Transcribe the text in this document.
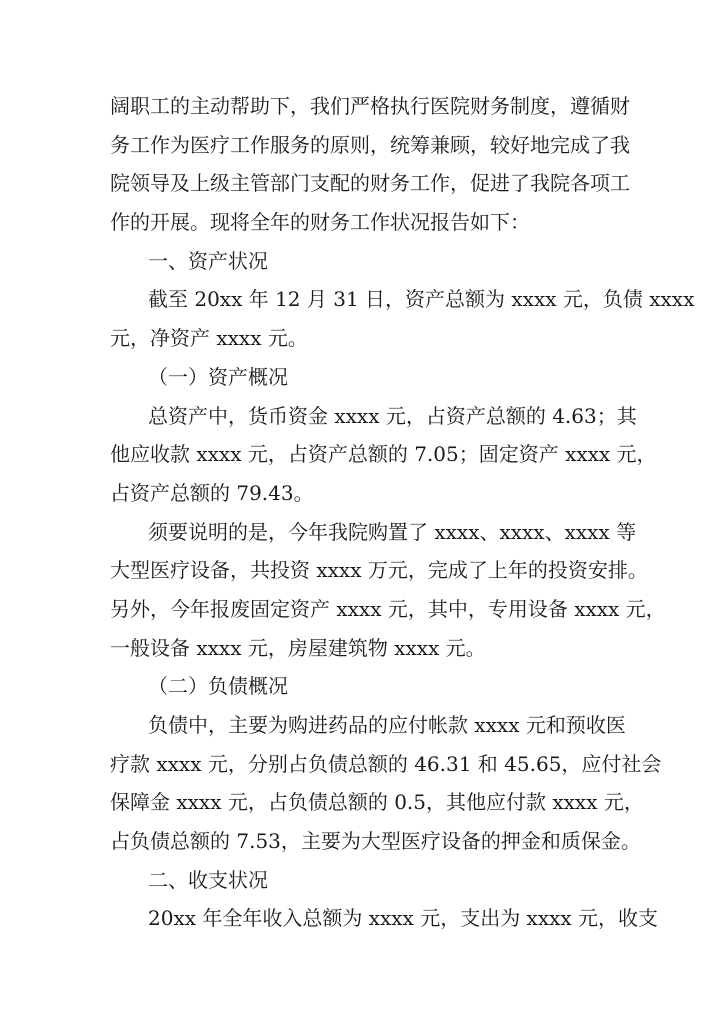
阔职工的主动帮助下，我们严格执行医院财务制度，遵循财
务工作为医疗工作服务的原则，统筹兼顾，较好地完成了我
院领导及上级主管部门支配的财务工作，促进了我院各项工
作的开展。现将全年的财务工作状况报告如下：
一、资产状况
截至 20xx 年 12 月 31 日，资产总额为 xxxx 元，负债 xxxx
元，净资产 xxxx 元。
（一）资产概况
总资产中，货币资金 xxxx 元，占资产总额的 4.63；其
他应收款 xxxx 元，占资产总额的 7.05；固定资产 xxxx 元，
占资产总额的 79.43。
须要说明的是，今年我院购置了 xxxx、xxxx、xxxx 等
大型医疗设备，共投资 xxxx 万元，完成了上年的投资安排。
另外，今年报废固定资产 xxxx 元，其中，专用设备 xxxx 元，
一般设备 xxxx 元，房屋建筑物 xxxx 元。
（二）负债概况
负债中，主要为购进药品的应付帐款 xxxx 元和预收医
疗款 xxxx 元，分别占负债总额的 46.31 和 45.65，应付社会
保障金 xxxx 元，占负债总额的 0.5，其他应付款 xxxx 元，
占负债总额的 7.53，主要为大型医疗设备的押金和质保金。
二、收支状况
20xx 年全年收入总额为 xxxx 元，支出为 xxxx 元，收支
